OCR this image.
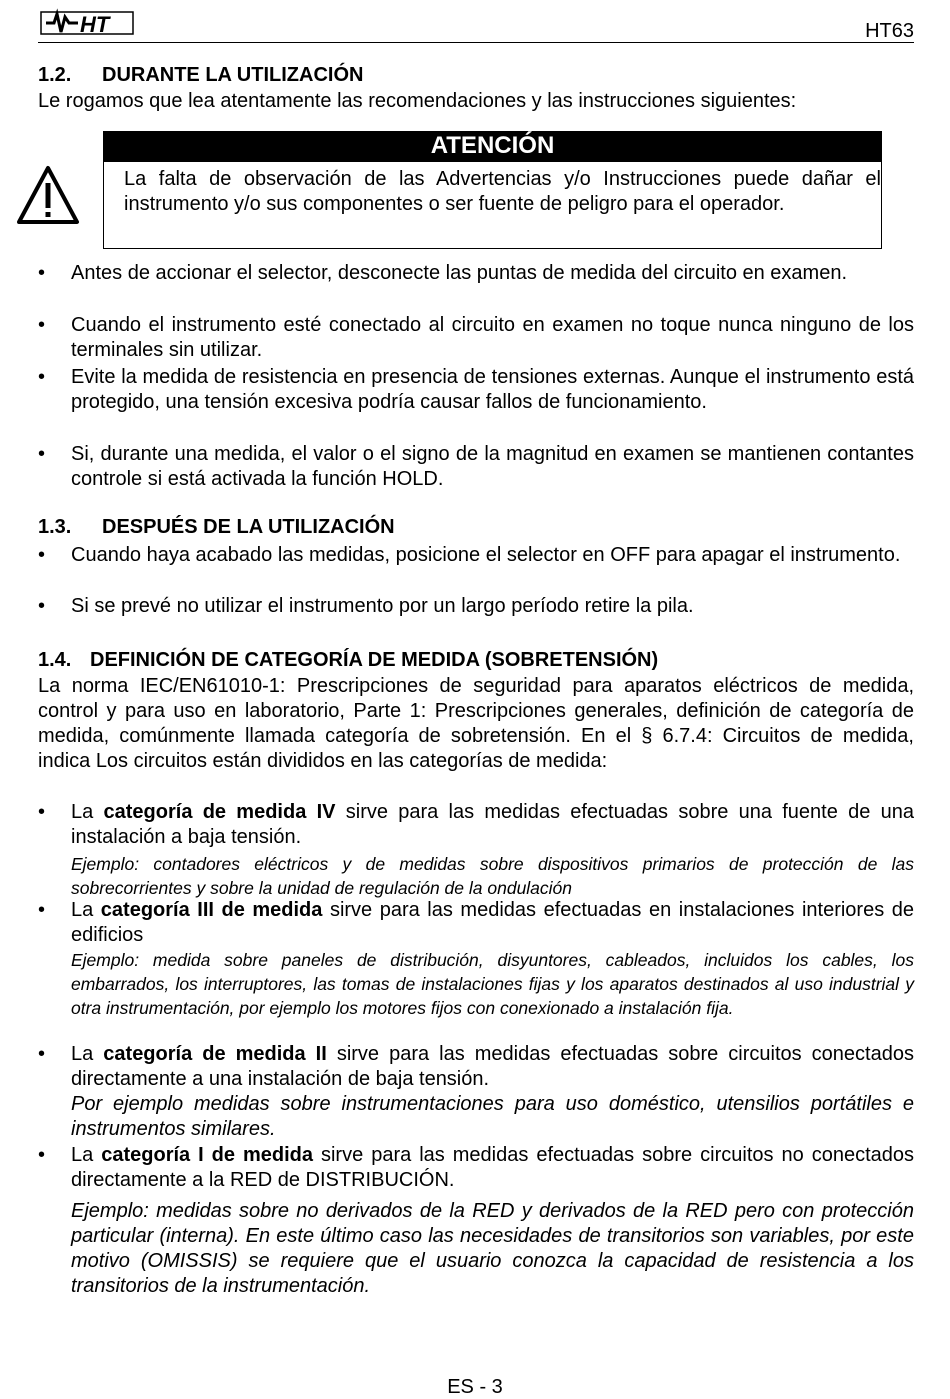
HT	HT63
1.2. DURANTE LA UTILIZACIÓN
Le rogamos que lea atentamente las recomendaciones y las instrucciones siguientes:
ATENCIÓN
La falta de observación de las Advertencias y/o Instrucciones puede dañar el instrumento y/o sus componentes o ser fuente de peligro para el operador.
•	Antes de accionar el selector, desconecte las puntas de medida del circuito en examen.
•	Cuando el instrumento esté conectado al circuito en examen no toque nunca ninguno de los terminales sin utilizar.
•	Evite la medida de resistencia en presencia de tensiones externas. Aunque el instrumento está protegido, una tensión excesiva podría causar fallos de funcionamiento.
•	Si, durante una medida, el valor o el signo de la magnitud en examen se mantienen contantes controle si está activada la función HOLD.
1.3. DESPUÉS DE LA UTILIZACIÓN
•	Cuando haya acabado las medidas, posicione el selector en OFF para apagar el instrumento.
•	Si se prevé no utilizar el instrumento por un largo período retire la pila.
1.4. DEFINICIÓN DE CATEGORÍA DE MEDIDA (SOBRETENSIÓN)
La norma IEC/EN61010-1: Prescripciones de seguridad para aparatos eléctricos de medida, control y para uso en laboratorio, Parte 1: Prescripciones generales, definición de categoría de medida, comúnmente llamada categoría de sobretensión. En el § 6.7.4: Circuitos de medida, indica Los circuitos están divididos en las categorías de medida:
•	La categoría de medida IV sirve para las medidas efectuadas sobre una fuente de una instalación a baja tensión.
Ejemplo: contadores eléctricos y de medidas sobre dispositivos primarios de protección de las sobrecorrientes y sobre la unidad de regulación de la ondulación
•	La categoría III de medida sirve para las medidas efectuadas en instalaciones interiores de edificios
Ejemplo: medida sobre paneles de distribución, disyuntores, cableados, incluidos los cables, los embarrados, los interruptores, las tomas de instalaciones fijas y los aparatos destinados al uso industrial y otra instrumentación, por ejemplo los motores fijos con conexionado a instalación fija.
•	La categoría de medida II sirve para las medidas efectuadas sobre circuitos conectados directamente a una instalación de baja tensión.
Por ejemplo medidas sobre instrumentaciones para uso doméstico, utensilios portátiles e instrumentos similares.
•	La categoría I de medida sirve para las medidas efectuadas sobre circuitos no conectados directamente a la RED de DISTRIBUCIÓN.
Ejemplo: medidas sobre no derivados de la RED y derivados de la RED pero con protección particular (interna). En este último caso las necesidades de transitorios son variables, por este motivo (OMISSIS) se requiere que el usuario conozca la capacidad de resistencia a los transitorios de la instrumentación.
ES - 3
